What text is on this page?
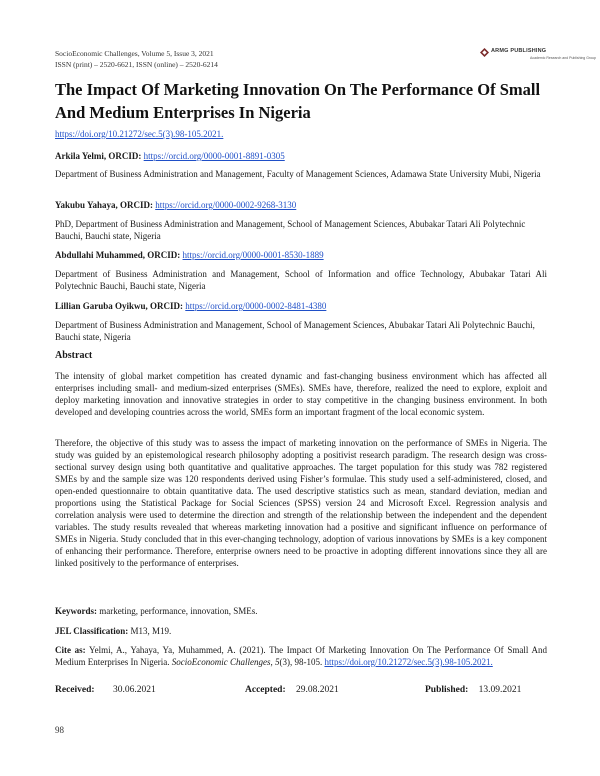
SocioEconomic Challenges, Volume 5, Issue 3, 2021
ISSN (print) – 2520-6621, ISSN (online) – 2520-6214
ARMG PUBLISHING
Academic Research and Publishing Group
The Impact Of Marketing Innovation On The Performance Of Small And Medium Enterprises In Nigeria
https://doi.org/10.21272/sec.5(3).98-105.2021.
Arkila Yelmi, ORCID: https://orcid.org/0000-0001-8891-0305
Department of Business Administration and Management, Faculty of Management Sciences, Adamawa State University Mubi, Nigeria
Yakubu Yahaya, ORCID: https://orcid.org/0000-0002-9268-3130
PhD, Department of Business Administration and Management, School of Management Sciences, Abubakar Tatari Ali Polytechnic Bauchi, Bauchi state, Nigeria
Abdullahi Muhammed, ORCID: https://orcid.org/0000-0001-8530-1889
Department of Business Administration and Management, School of Information and office Technology, Abubakar Tatari Ali Polytechnic Bauchi, Bauchi state, Nigeria
Lillian Garuba Oyikwu, ORCID: https://orcid.org/0000-0002-8481-4380
Department of Business Administration and Management, School of Management Sciences, Abubakar Tatari Ali Polytechnic Bauchi, Bauchi state, Nigeria
Abstract
The intensity of global market competition has created dynamic and fast-changing business environment which has affected all enterprises including small- and medium-sized enterprises (SMEs). SMEs have, therefore, realized the need to explore, exploit and deploy marketing innovation and innovative strategies in order to stay competitive in the changing business environment. In both developed and developing countries across the world, SMEs form an important fragment of the local economic system.
Therefore, the objective of this study was to assess the impact of marketing innovation on the performance of SMEs in Nigeria. The study was guided by an epistemological research philosophy adopting a positivist research paradigm. The research design was cross-sectional survey design using both quantitative and qualitative approaches. The target population for this study was 782 registered SMEs by and the sample size was 120 respondents derived using Fisher’s formulae. This study used a self-administered, closed, and open-ended questionnaire to obtain quantitative data. The used descriptive statistics such as mean, standard deviation, median and proportions using the Statistical Package for Social Sciences (SPSS) version 24 and Microsoft Excel. Regression analysis and correlation analysis were used to determine the direction and strength of the relationship between the independent and the dependent variables. The study results revealed that whereas marketing innovation had a positive and significant influence on performance of SMEs in Nigeria. Study concluded that in this ever-changing technology, adoption of various innovations by SMEs is a key component of enhancing their performance. Therefore, enterprise owners need to be proactive in adopting different innovations since they all are linked positively to the performance of enterprises.
Keywords: marketing, performance, innovation, SMEs.
JEL Classification: M13, M19.
Cite as: Yelmi, A., Yahaya, Ya, Muhammed, A. (2021). The Impact Of Marketing Innovation On The Performance Of Small And Medium Enterprises In Nigeria. SocioEconomic Challenges, 5(3), 98-105. https://doi.org/10.21272/sec.5(3).98-105.2021.
Received: 30.06.2021	Accepted: 29.08.2021	Published: 13.09.2021
98
